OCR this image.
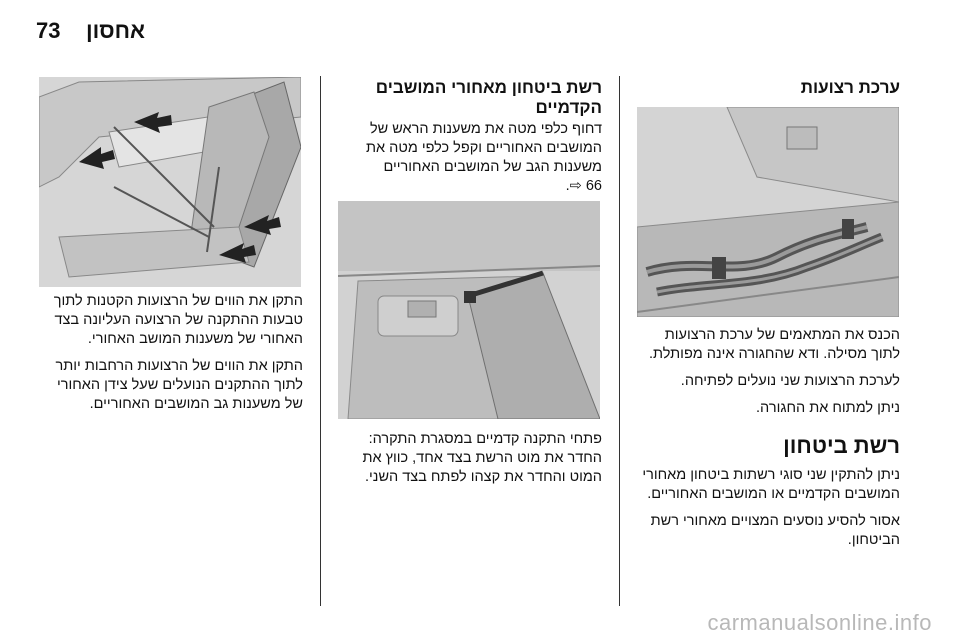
73 אחסון
ערכת רצועות

הכנס את המתאמים של ערכת הרצועות לתוך מסילה. ודא שהחגורה אינה מפותלת.

לערכת הרצועות שני נועלים לפתיחה.

ניתן למתוח את החגורה.

רשת ביטחון

ניתן להתקין שני סוגי רשתות ביטחון מאחורי המושבים הקדמיים או המושבים האחוריים.

אסור להסיע נוסעים המצויים מאחורי רשת הביטחון.

רשת ביטחון מאחורי המושבים הקדמיים

דחוף כלפי מטה את משענות הראש של המושבים האחוריים וקפל כלפי מטה את משענות הגב של המושבים האחוריים

66 ⇨.

פתחי התקנה קדמיים במסגרת התקרה: החדר את מוט הרשת בצד אחד, כווץ את המוט והחדר את קצהו לפתח בצד השני.

התקן את הווים של הרצועות הקטנות לתוך טבעות ההתקנה של הרצועה העליונה בצד האחורי של משענות המושב האחורי.

התקן את הווים של הרצועות הרחבות יותר לתוך ההתקנים הנועלים שעל צידן האחורי של משענות גב המושבים האחוריים.

carmanualsonline.info
